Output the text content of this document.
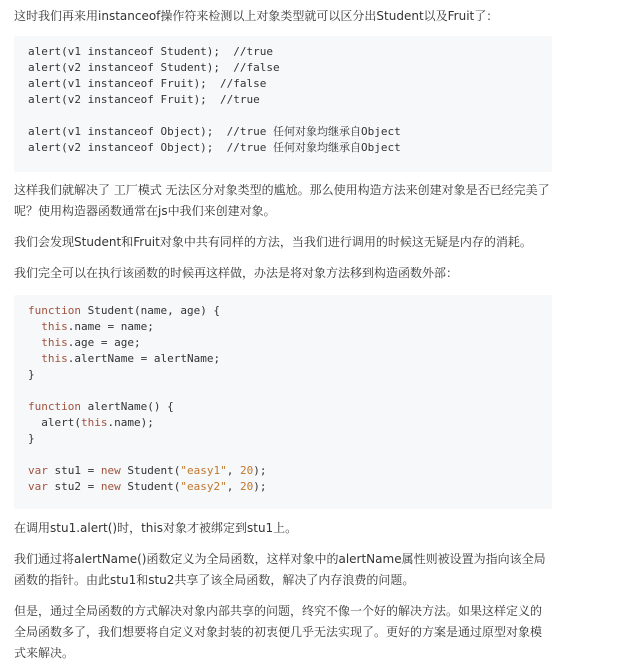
这时我们再来用instanceof操作符来检测以上对象类型就可以区分出Student以及Fruit了：

alert(v1 instanceof Student);  //true
alert(v2 instanceof Student);  //false
alert(v1 instanceof Fruit);  //false
alert(v2 instanceof Fruit);  //true
alert(v1 instanceof Object);  //true 任何对象均继承自Object
alert(v2 instanceof Object);  //true 任何对象均继承自Object

这样我们就解决了 工厂模式 无法区分对象类型的尴尬。那么使用构造方法来创建对象是否已经完美了呢？使用构造器函数通常在js中我们来创建对象。

我们会发现Student和Fruit对象中共有同样的方法，当我们进行调用的时候这无疑是内存的消耗。

我们完全可以在执行该函数的时候再这样做，办法是将对象方法移到构造函数外部：

function Student(name, age) {
this.name = name;
this.age = age;
this.alertName = alertName;
}
function alertName() {
alert(this.name);
}
var stu1 = new Student("easy1", 20);
var stu2 = new Student("easy2", 20);

在调用stu1.alert()时，this对象才被绑定到stu1上。

我们通过将alertName()函数定义为全局函数，这样对象中的alertName属性则被设置为指向该全局函数的指针。由此stu1和stu2共享了该全局函数，解决了内存浪费的问题。

但是，通过全局函数的方式解决对象内部共享的问题，终究不像一个好的解决方法。如果这样定义的全局函数多了，我们想要将自定义对象封装的初衷便几乎无法实现了。更好的方案是通过原型对象模式来解决。
